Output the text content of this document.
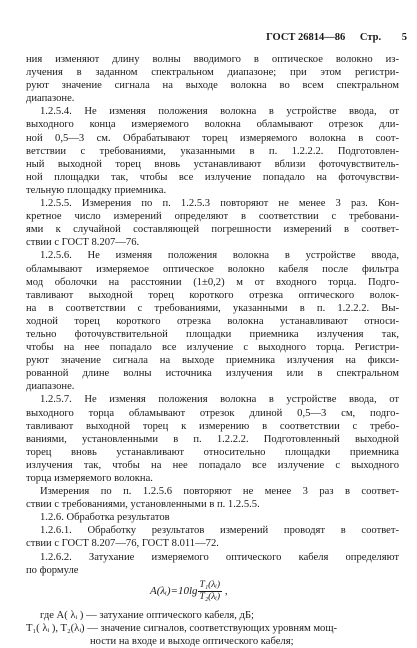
ГОСТ 26814—86 Стр. 5
ния изменяют длину волны вводимого в оптическое волокно из-
лучения в заданном спектральном диапазоне; при этом регистри-
руют значение сигнала на выходе волокна во всем спектральном
диапазоне.
1.2.5.4. Не изменяя положения волокна в устройстве ввода, от
выходного конца измеряемого волокна обламывают отрезок дли-
ной 0,5—3 см. Обрабатывают торец измеряемого волокна в соот-
ветствии с требованиями, указанными в п. 1.2.2.2. Подготовлен-
ный выходной торец вновь устанавливают вблизи фоточувствитель-
ной площадки так, чтобы все излучение попадало на фоточувстви-
тельную площадку приемника.
1.2.5.5. Измерения по п. 1.2.5.3 повторяют не менее 3 раз. Кон-
кретное число измерений определяют в соответствии с требовани-
ями к случайной составляющей погрешности измерений в соответ-
ствии с ГОСТ 8.207—76.
1.2.5.6. Не изменяя положения волокна в устройстве ввода,
обламывают измеряемое оптическое волокно кабеля после фильтра
мод оболочки на расстоянии (1±0,2) м от входного торца. Подго-
тавливают выходной торец короткого отрезка оптического волок-
на в соответствии с требованиями, указанными в п. 1.2.2.2. Вы-
ходной торец короткого отрезка волокна устанавливают относи-
тельно фоточувствительной площадки приемника излучения так,
чтобы на нее попадало все излучение с выходного торца. Регистри-
руют значение сигнала на выходе приемника излучения на фикси-
рованной длине волны источника излучения или в спектральном
диапазоне.
1.2.5.7. Не изменяя положения волокна в устройстве ввода, от
выходного торца обламывают отрезок длиной 0,5—3 см, подго-
тавливают выходной торец к измерению в соответствии с требо-
ваниями, установленными в п. 1.2.2.2. Подготовленный выходной
торец вновь устанавливают относительно площадки приемника
излучения так, чтобы на нее попадало все излучение с выходного
торца измеряемого волокна.
Измерения по п. 1.2.5.6 повторяют не менее 3 раз в соответ-
ствии с требованиями, установленными в п. 1.2.5.5.
1.2.6. Обработка результатов
1.2.6.1. Обработку результатов измерений проводят в соответ-
ствии с ГОСТ 8.207—76, ГОСТ 8.011—72.
1.2.6.2. Затухание измеряемого оптического кабеля определяют
по формуле
A(λᵢ)=10lg $\frac{\text{T₁(λᵢ)}}{\text{T₂(λᵢ)}}$ ,
где A( λᵢ ) — затухание оптического кабеля, дБ;
T₁( λᵢ ), T₂(λᵢ) — значение сигналов, соответствующих уровням мощ-
ности на входе и выходе оптического кабеля;
